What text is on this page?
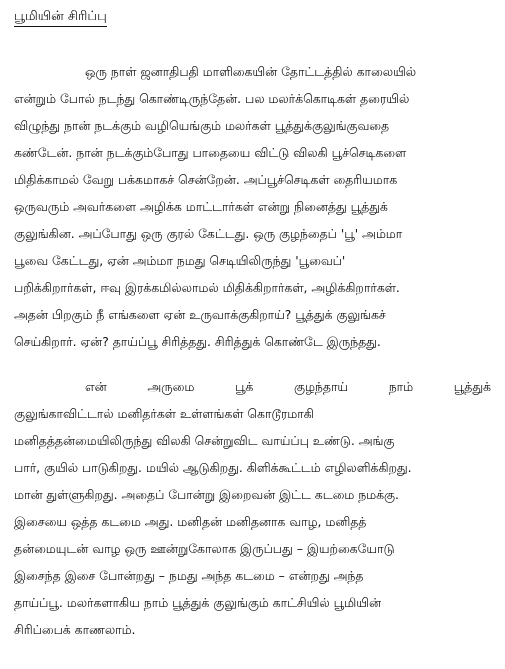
பூமியின் சிரிப்பு
ஒரு நாள் ஜனாதிபதி மாளிகையின் தோட்டத்தில் காலையில்
என்றும் போல் நடந்து கொண்டிருந்தேன். பல மலர்க்கொடிகள் தரையில்
விழுந்து நான் நடக்கும் வழியெங்கும் மலர்கள் பூத்துக்குலுங்குவதை
கண்டேன். நான் நடக்கும்போது பாதையை விட்டு விலகி பூச்செடிகளை
மிதிக்காமல் வேறு பக்கமாகச் சென்றேன். அப்பூச்செடிகள் தைரியமாக
ஒருவரும் அவர்களை அழிக்க மாட்டார்கள் என்று நினைத்து பூத்துக்
குலுங்கின. அப்போது ஒரு குரல் கேட்டது. ஒரு குழந்தைப் 'பூ' அம்மா
பூவை கேட்டது, ஏன் அம்மா நமது செடியிலிருந்து 'பூவைப்'
பறிக்கிறார்கள், ஈவு இரக்கமில்லாமல் மிதிக்கிறார்கள், அழிக்கிறார்கள்.
அதன் பிறகும் நீ எங்களை ஏன் உருவாக்குகிறாய்? பூத்துக் குலுங்கச்
செய்கிறார். ஏன்? தாய்ப்பூ சிரித்தது. சிரித்துக் கொண்டே இருந்தது.
என்	அருமை	பூக்	குழந்தாய்	நாம்	பூத்துக்
குலுங்காவிட்டால் மனிதர்கள் உள்ளங்கள் கொடூரமாகி
மனிதத்தன்மையிலிருந்து விலகி சென்றுவிட வாய்ப்பு உண்டு. அங்கு
பார், குயில் பாடுகிறது. மயில் ஆடுகிறது. கிளிக்கூட்டம் எழிலளிக்கிறது.
மான் துள்ளுகிறது. அதைப் போன்று இறைவன் இட்ட கடமை நமக்கு.
இசையை ஒத்த கடமை அது. மனிதன் மனிதனாக வாழ, மனிதத்
தன்மையுடன் வாழ ஒரு ஊன்றுகோலாக இருப்பது – இயற்கையோடு
இசைந்த இசை போன்றது – நமது அந்த கடமை – என்றது அந்த
தாய்ப்பூ. மலர்களாகிய நாம் பூத்துக் குலுங்கும் காட்சியில் பூமியின்
சிரிப்பைக் காணலாம்.
